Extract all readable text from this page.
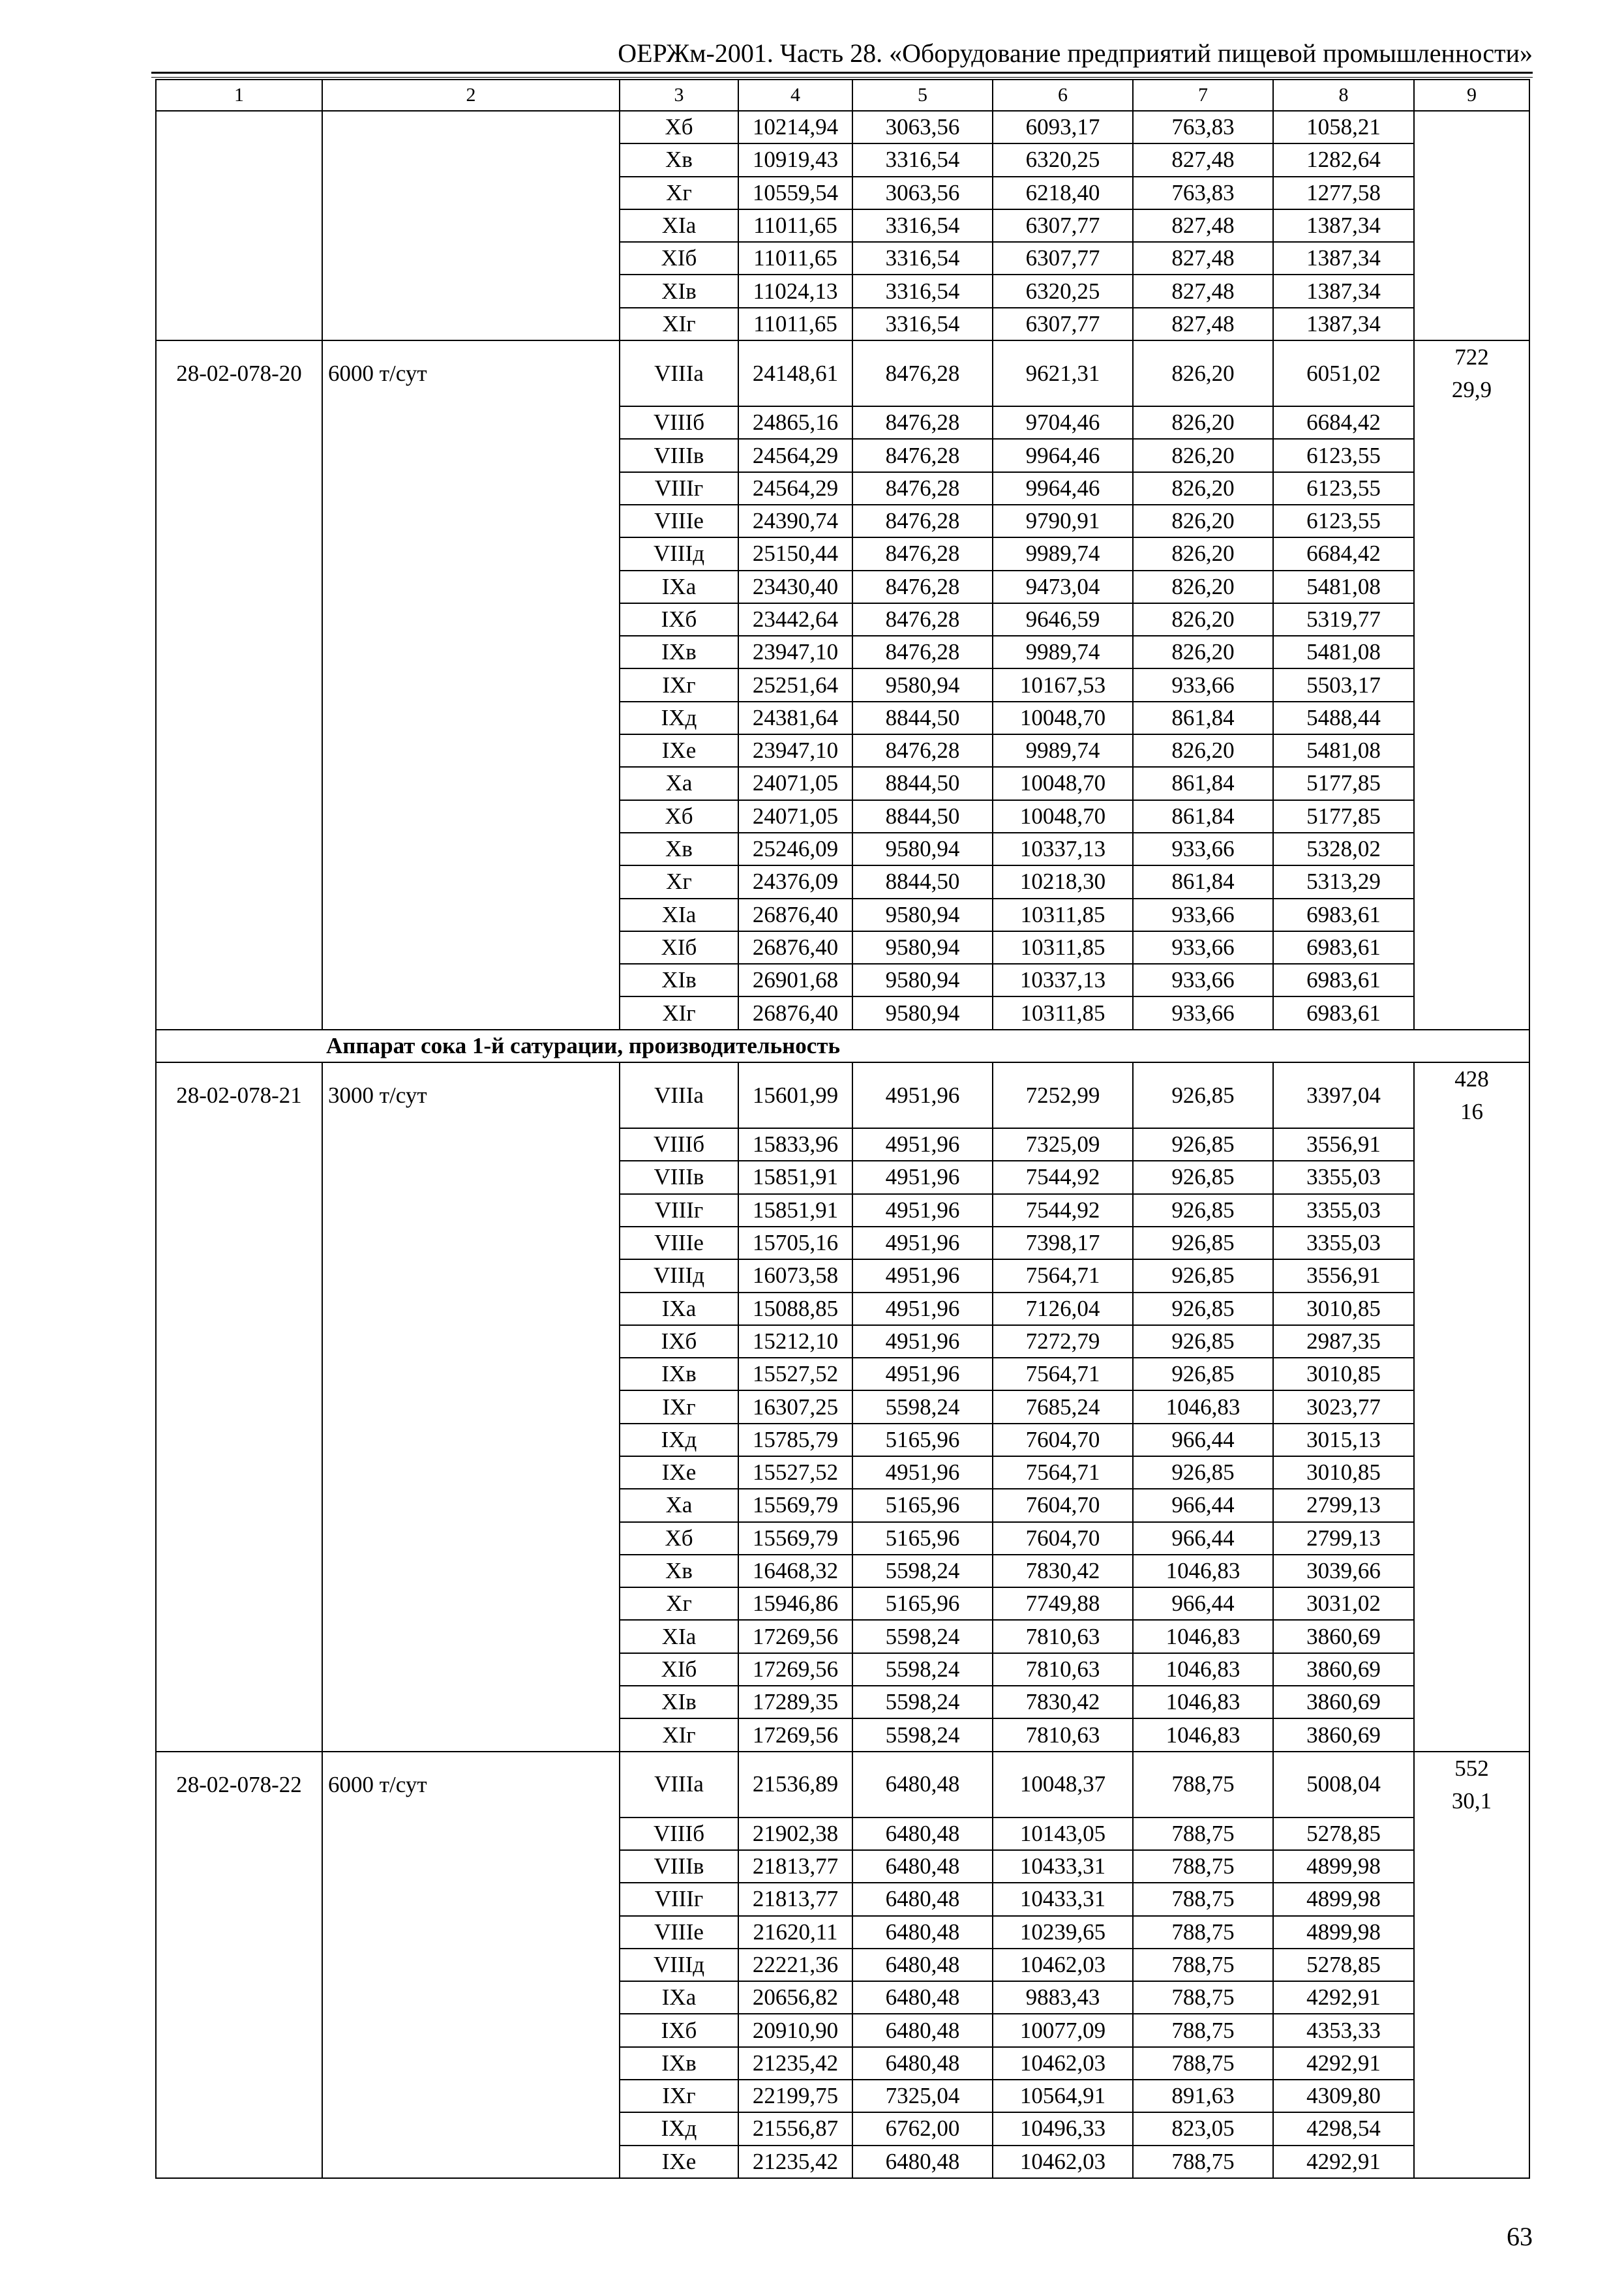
ОЕРЖм-2001. Часть 28. «Оборудование предприятий пищевой промышленности»
1	2	3	4	5	6	7	8	9
		Xб	10214,94	3063,56	6093,17	763,83	1058,21	
		Xв	10919,43	3316,54	6320,25	827,48	1282,64	
		Xг	10559,54	3063,56	6218,40	763,83	1277,58	
		XIа	11011,65	3316,54	6307,77	827,48	1387,34	
		XIб	11011,65	3316,54	6307,77	827,48	1387,34	
		XIв	11024,13	3316,54	6320,25	827,48	1387,34	
		XIг	11011,65	3316,54	6307,77	827,48	1387,34	
28-02-078-20	6000 т/сут	VIIIа	24148,61	8476,28	9621,31	826,20	6051,02	722
29,9

		VIIIб	24865,16	8476,28	9704,46	826,20	6684,42	
		VIIIв	24564,29	8476,28	9964,46	826,20	6123,55	
		VIIIг	24564,29	8476,28	9964,46	826,20	6123,55	
		VIIIе	24390,74	8476,28	9790,91	826,20	6123,55	
		VIIIд	25150,44	8476,28	9989,74	826,20	6684,42	
		IXа	23430,40	8476,28	9473,04	826,20	5481,08	
		IXб	23442,64	8476,28	9646,59	826,20	5319,77	
		IXв	23947,10	8476,28	9989,74	826,20	5481,08	
		IXг	25251,64	9580,94	10167,53	933,66	5503,17	
		IXд	24381,64	8844,50	10048,70	861,84	5488,44	
		IXе	23947,10	8476,28	9989,74	826,20	5481,08	
		Xа	24071,05	8844,50	10048,70	861,84	5177,85	
		Xб	24071,05	8844,50	10048,70	861,84	5177,85	
		Xв	25246,09	9580,94	10337,13	933,66	5328,02	
		Xг	24376,09	8844,50	10218,30	861,84	5313,29	
		XIа	26876,40	9580,94	10311,85	933,66	6983,61	
		XIб	26876,40	9580,94	10311,85	933,66	6983,61	
		XIв	26901,68	9580,94	10337,13	933,66	6983,61	
		XIг	26876,40	9580,94	10311,85	933,66	6983,61	
Аппарат сока 1-й сатурации, производительность								
28-02-078-21	3000 т/сут	VIIIа	15601,99	4951,96	7252,99	926,85	3397,04	428
16

		VIIIб	15833,96	4951,96	7325,09	926,85	3556,91	
		VIIIв	15851,91	4951,96	7544,92	926,85	3355,03	
		VIIIг	15851,91	4951,96	7544,92	926,85	3355,03	
		VIIIе	15705,16	4951,96	7398,17	926,85	3355,03	
		VIIIд	16073,58	4951,96	7564,71	926,85	3556,91	
		IXа	15088,85	4951,96	7126,04	926,85	3010,85	
		IXб	15212,10	4951,96	7272,79	926,85	2987,35	
		IXв	15527,52	4951,96	7564,71	926,85	3010,85	
		IXг	16307,25	5598,24	7685,24	1046,83	3023,77	
		IXд	15785,79	5165,96	7604,70	966,44	3015,13	
		IXе	15527,52	4951,96	7564,71	926,85	3010,85	
		Xа	15569,79	5165,96	7604,70	966,44	2799,13	
		Xб	15569,79	5165,96	7604,70	966,44	2799,13	
		Xв	16468,32	5598,24	7830,42	1046,83	3039,66	
		Xг	15946,86	5165,96	7749,88	966,44	3031,02	
		XIа	17269,56	5598,24	7810,63	1046,83	3860,69	
		XIб	17269,56	5598,24	7810,63	1046,83	3860,69	
		XIв	17289,35	5598,24	7830,42	1046,83	3860,69	
		XIг	17269,56	5598,24	7810,63	1046,83	3860,69	
28-02-078-22	6000 т/сут	VIIIа	21536,89	6480,48	10048,37	788,75	5008,04	552
30,1

		VIIIб	21902,38	6480,48	10143,05	788,75	5278,85	
		VIIIв	21813,77	6480,48	10433,31	788,75	4899,98	
		VIIIг	21813,77	6480,48	10433,31	788,75	4899,98	
		VIIIе	21620,11	6480,48	10239,65	788,75	4899,98	
		VIIIд	22221,36	6480,48	10462,03	788,75	5278,85	
		IXа	20656,82	6480,48	9883,43	788,75	4292,91	
		IXб	20910,90	6480,48	10077,09	788,75	4353,33	
		IXв	21235,42	6480,48	10462,03	788,75	4292,91	
		IXг	22199,75	7325,04	10564,91	891,63	4309,80	
		IXд	21556,87	6762,00	10496,33	823,05	4298,54	
		IXе	21235,42	6480,48	10462,03	788,75	4292,91	
63
